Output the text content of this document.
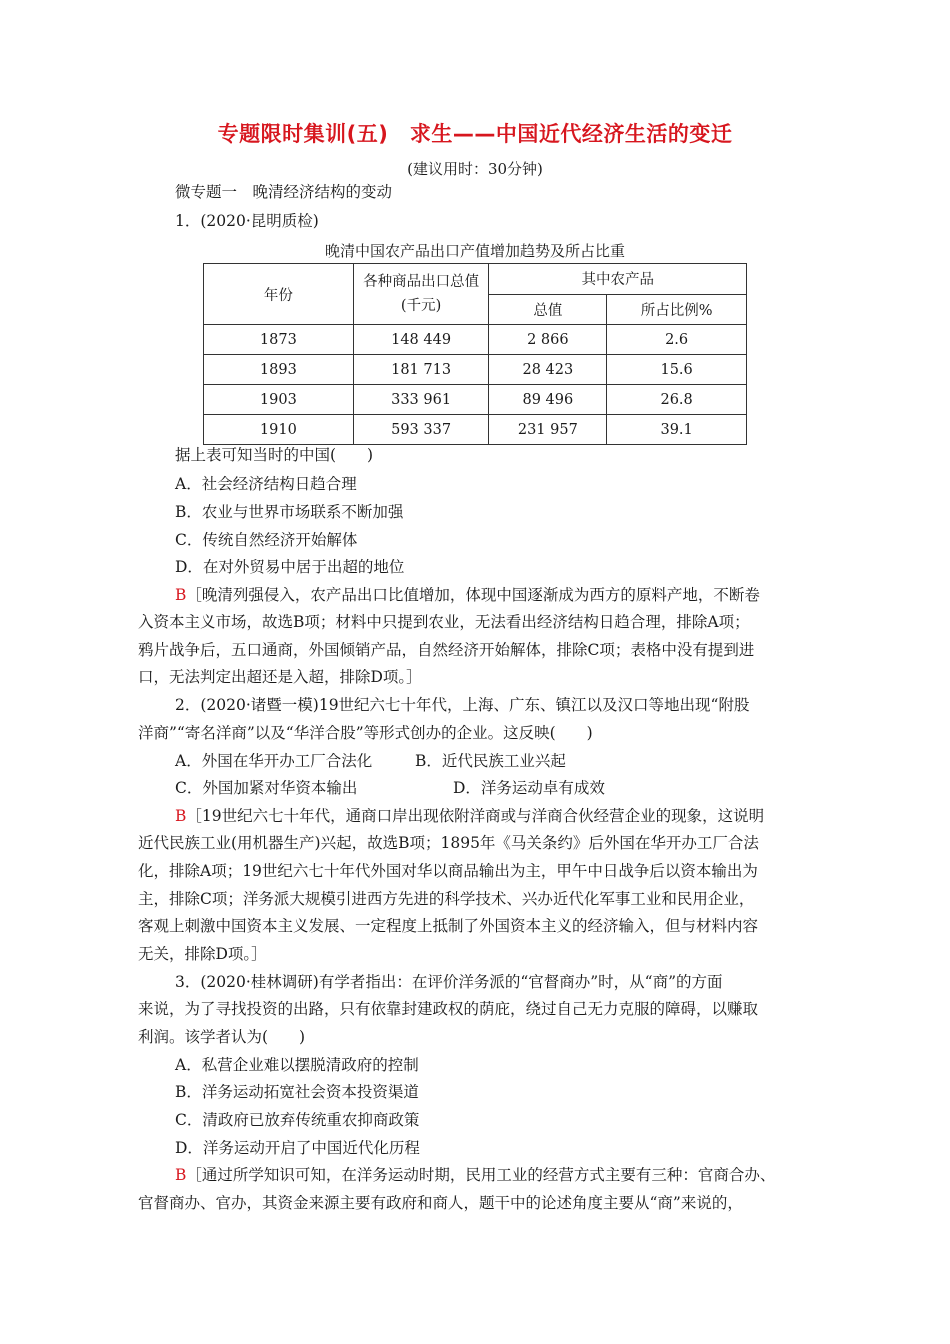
专题限时集训(五)　求生——中国近代经济生活的变迁
(建议用时：30分钟)
微专题一　晚清经济结构的变动
1．(2020·昆明质检)
晚清中国农产品出口产值增加趋势及所占比重
年份	各种商品出口总值(千元)	其中农产品	
		总值	所占比例%
1873	148 449	2 866	2.6
1893	181 713	28 423	15.6
1903	333 961	89 496	26.8
1910	593 337	231 957	39.1
据上表可知当时的中国(　　)
A．社会经济结构日趋合理
B．农业与世界市场联系不断加强
C．传统自然经济开始解体
D．在对外贸易中居于出超的地位
B［晚清列强侵入，农产品出口比值增加，体现中国逐渐成为西方的原料产地，不断卷
入资本主义市场，故选B项；材料中只提到农业，无法看出经济结构日趋合理，排除A项；
鸦片战争后，五口通商，外国倾销产品，自然经济开始解体，排除C项；表格中没有提到进
口，无法判定出超还是入超，排除D项。］
2．(2020·诸暨一模)19世纪六七十年代，上海、广东、镇江以及汉口等地出现“附股
洋商”“寄名洋商”以及“华洋合股”等形式创办的企业。这反映(　　)
A．外国在华开办工厂合法化	B．近代民族工业兴起
C．外国加紧对华资本输出	D．洋务运动卓有成效
B［19世纪六七十年代，通商口岸出现依附洋商或与洋商合伙经营企业的现象，这说明
近代民族工业(用机器生产)兴起，故选B项；1895年《马关条约》后外国在华开办工厂合法
化，排除A项；19世纪六七十年代外国对华以商品输出为主，甲午中日战争后以资本输出为
主，排除C项；洋务派大规模引进西方先进的科学技术、兴办近代化军事工业和民用企业，
客观上刺激中国资本主义发展、一定程度上抵制了外国资本主义的经济输入，但与材料内容
无关，排除D项。］
3．(2020·桂林调研)有学者指出：在评价洋务派的“官督商办”时，从“商”的方面
来说，为了寻找投资的出路，只有依靠封建政权的荫庇，绕过自己无力克服的障碍，以赚取
利润。该学者认为(　　)
A．私营企业难以摆脱清政府的控制
B．洋务运动拓宽社会资本投资渠道
C．清政府已放弃传统重农抑商政策
D．洋务运动开启了中国近代化历程
B［通过所学知识可知，在洋务运动时期，民用工业的经营方式主要有三种：官商合办、
官督商办、官办，其资金来源主要有政府和商人，题干中的论述角度主要从“商”来说的，
